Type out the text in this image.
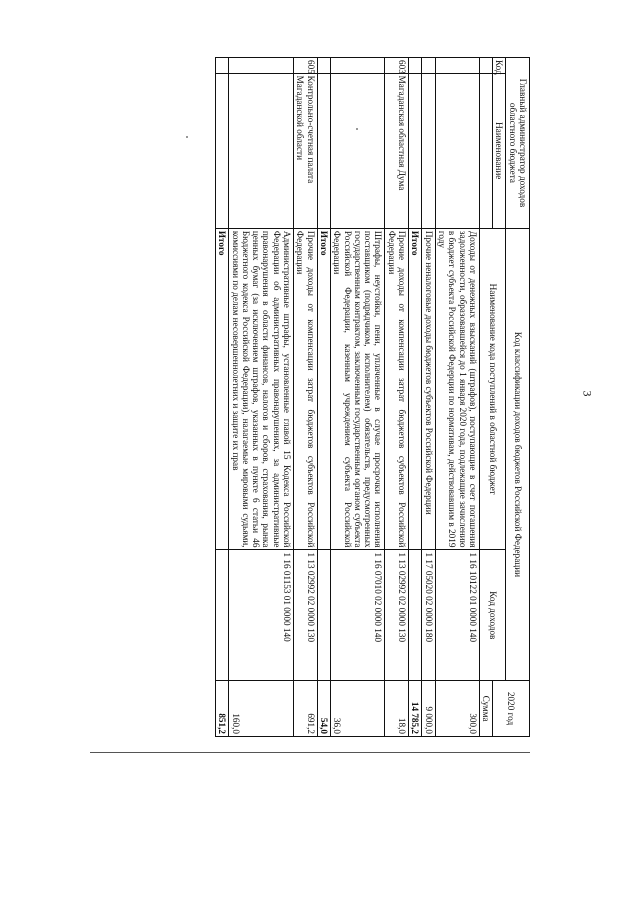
3
Главный администратор доходов областного бюджета		Код классификации доходов бюджетов Российской Федерации		2020 год
Код	Наименование	Наименование кода поступлений в областной бюджет	Код доходов	
				Сумма
		Доходы от денежных взысканий (штрафов), поступающие в счет погашения задолженности, образовавшейся до 1 января 2020 года, подлежащие зачислению в бюджет субъекта Российской Федерции по нормативам, действовавшим в 2019 году	1 16 10122 01 0000 140	300,0
		Прочие неналоговые доходы бюджетов субъектов Российской Федерции	1 17 05020 02 0000 180	9 000,0
		Итого		14 785,2
603	Магаданская областная Дума	Прочие доходы от компенсации затрат бюджетов субъектов Российской Федерации	1 13 02992 02 0000 130	18,0
		Штрафы, неустойки, пени, уплаченные в случае просрочки исполнения поставщиком (подрядчиком, исполнителем) обязательств, предусмотренных государственным контрактом, заключенным государственным органом субъекта Российской Федерации, казенным учреждением субъекта Российской Федерации	1 16 07010 02 0000 140	36,0
		Итого		54,0
605	Контрольно-счетная палата Магаданской области	Прочие доходы от компенсации затрат бюджетов субъектов Российской Федерации	1 13 02992 02 0000 130	691,2
		Административные штрафы, установленные главой 15 Кодекса Российской Федерации об административных правонарушениях, за административные правонарушения в области финансов, налогов и сборов, страхования, рынка ценных бумаг (за исключением штрафов, указанных в пункте 6 статьи 46 Бюджетного кодекса Российской Федерации), налагаемые мировыми судьями, комиссиями по делам несовершеннолетних и защите их прав	1 16 01153 01 0000 140	160,0
		Итого		851,2
